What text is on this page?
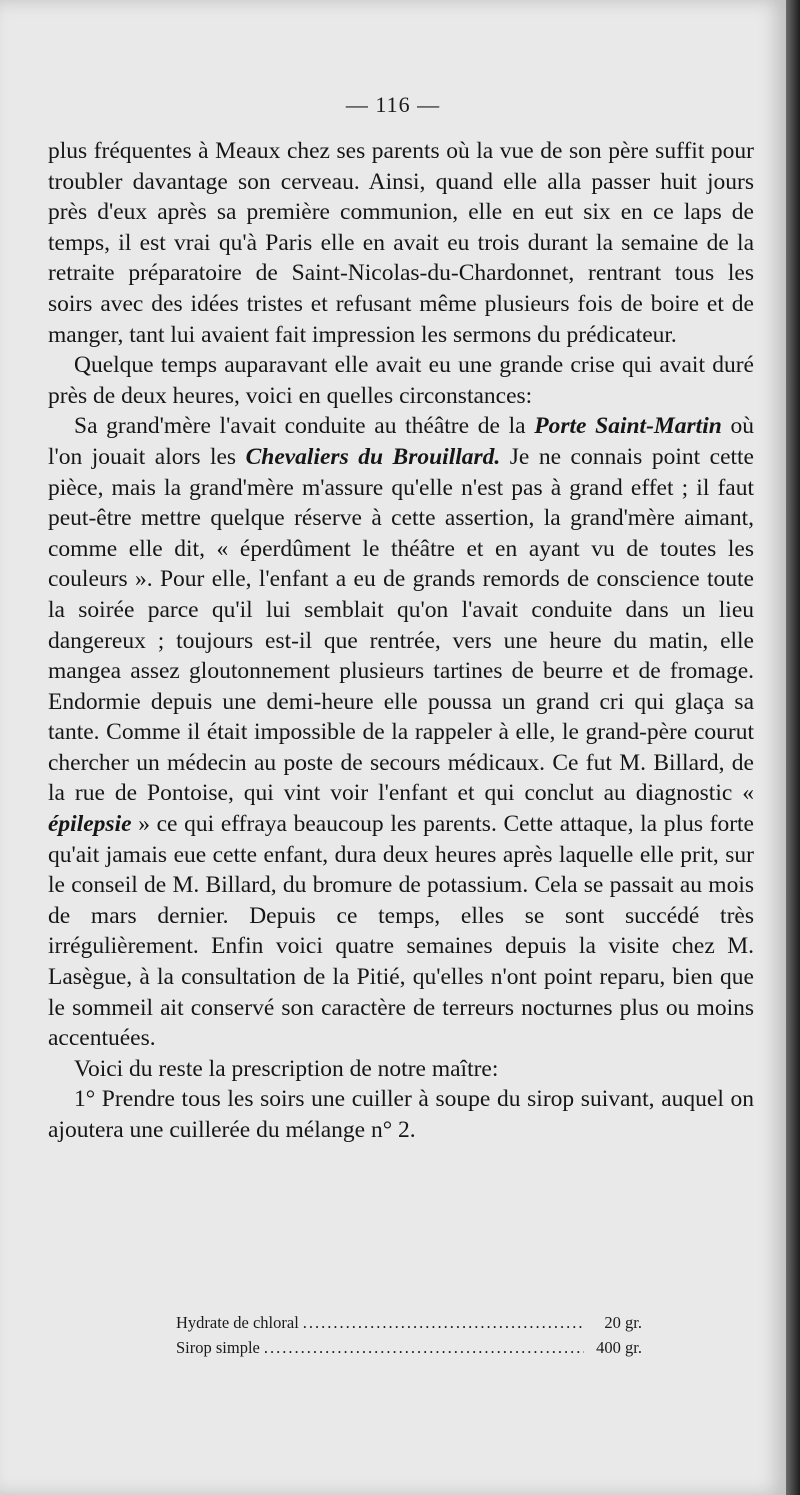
— 116 —

plus fréquentes à Meaux chez ses parents où la vue de son père suffit pour troubler davantage son cerveau. Ainsi, quand elle alla passer huit jours près d'eux après sa première communion, elle en eut six en ce laps de temps, il est vrai qu'à Paris elle en avait eu trois durant la semaine de la retraite préparatoire de Saint-Nicolas-du-Chardonnet, rentrant tous les soirs avec des idées tristes et refusant même plusieurs fois de boire et de manger, tant lui avaient fait impression les sermons du prédicateur.

Quelque temps auparavant elle avait eu une grande crise qui avait duré près de deux heures, voici en quelles circonstances:

Sa grand'mère l'avait conduite au théâtre de la Porte Saint-Martin où l'on jouait alors les Chevaliers du Brouillard. Je ne connais point cette pièce, mais la grand'mère m'assure qu'elle n'est pas à grand effet ; il faut peut-être mettre quelque réserve à cette assertion, la grand'mère aimant, comme elle dit, « éperdûment le théâtre et en ayant vu de toutes les couleurs ». Pour elle, l'enfant a eu de grands remords de conscience toute la soirée parce qu'il lui semblait qu'on l'avait conduite dans un lieu dangereux ; toujours est-il que rentrée, vers une heure du matin, elle mangea assez gloutonnement plusieurs tartines de beurre et de fromage. Endormie depuis une demi-heure elle poussa un grand cri qui glaça sa tante. Comme il était impossible de la rappeler à elle, le grand-père courut chercher un médecin au poste de secours médicaux. Ce fut M. Billard, de la rue de Pontoise, qui vint voir l'enfant et qui conclut au diagnostic « épilepsie » ce qui effraya beaucoup les parents. Cette attaque, la plus forte qu'ait jamais eue cette enfant, dura deux heures après laquelle elle prit, sur le conseil de M. Billard, du bromure de potassium. Cela se passait au mois de mars dernier. Depuis ce temps, elles se sont succédé très irrégulièrement. Enfin voici quatre semaines depuis la visite chez M. Lasègue, à la consultation de la Pitié, qu'elles n'ont point reparu, bien que le sommeil ait conservé son caractère de terreurs nocturnes plus ou moins accentuées.

Voici du reste la prescription de notre maître:

1° Prendre tous les soirs une cuiller à soupe du sirop suivant, auquel on ajoutera une cuillerée du mélange n° 2.

Hydrate de chloral .....	20 gr.
Sirop simple .....	400 gr.
